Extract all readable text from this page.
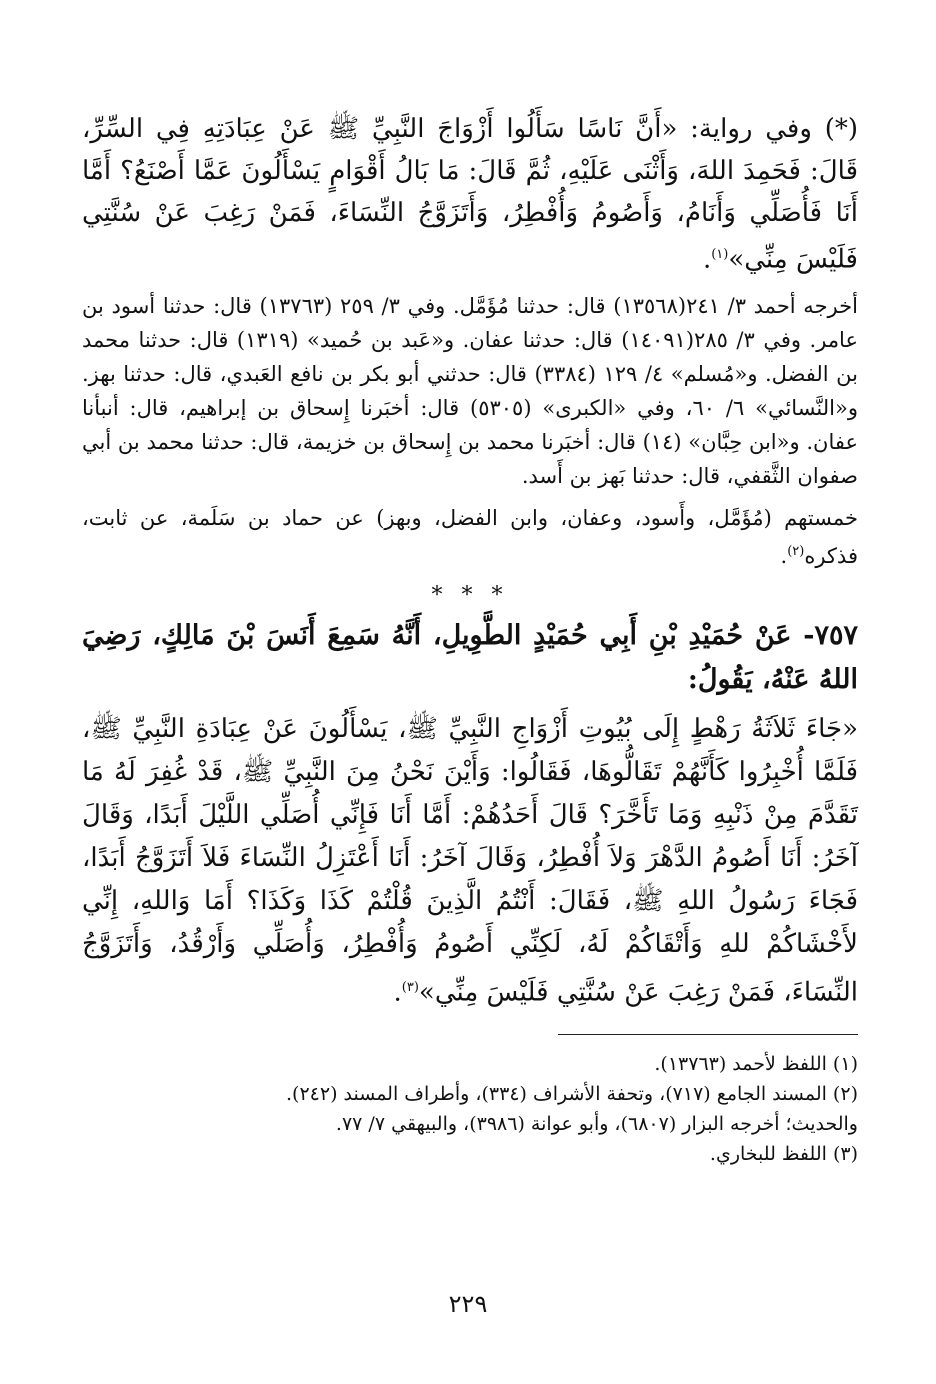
(*) وفي رواية: «أَنَّ نَاسًا سَأَلُوا أَزْوَاجَ النَّبِيِّ ﷺ عَنْ عِبَادَتِهِ فِي السِّرِّ، قَالَ: فَحَمِدَ اللهَ، وَأَثْنَى عَلَيْهِ، ثُمَّ قَالَ: مَا بَالُ أَقْوَامٍ يَسْأَلُونَ عَمَّا أَصْنَعُ؟ أَمَّا أَنَا فَأُصَلِّي وَأَنَامُ، وَأَصُومُ وَأُفْطِرُ، وَأَتَزَوَّجُ النِّسَاءَ، فَمَنْ رَغِبَ عَنْ سُنَّتِي فَلَيْسَ مِنِّي»$^{(١)}$.

أخرجه أحمد ٣/ ٢٤١(١٣٥٦٨) قال: حدثنا مُؤَمَّل. وفي ٣/ ٢٥٩ (١٣٧٦٣) قال: حدثنا أسود بن عامر. وفي ٣/ ٢٨٥(١٤٠٩١) قال: حدثنا عفان. و«عَبد بن حُميد» (١٣١٩) قال: حدثنا محمد بن الفضل. و«مُسلم» ٤/ ١٢٩ (٣٣٨٤) قال: حدثني أبو بكر بن نافع العَبدي، قال: حدثنا بهز. و«النَّسائي» ٦/ ٦٠، وفي «الكبرى» (٥٣٠٥) قال: أخبَرنا إِسحاق بن إبراهيم، قال: أنبأنا عفان. و«ابن حِبَّان» (١٤) قال: أخبَرنا محمد بن إِسحاق بن خزيمة، قال: حدثنا محمد بن أبي صفوان الثَّقفي، قال: حدثنا بَهز بن أَسد.

خمستهم (مُؤَمَّل، وأَسود، وعفان، وابن الفضل، وبهز) عن حماد بن سَلَمة، عن ثابت، فذكره$^{(٢)}$.

* * *

٧٥٧- عَنْ حُمَيْدِ بْنِ أَبِي حُمَيْدٍ الطَّوِيلِ، أَنَّهُ سَمِعَ أَنَسَ بْنَ مَالِكٍ، رَضِيَ اللهُ عَنْهُ، يَقُولُ:

«جَاءَ ثَلاَثَةُ رَهْطٍ إِلَى بُيُوتِ أَزْوَاجِ النَّبِيِّ ﷺ، يَسْأَلُونَ عَنْ عِبَادَةِ النَّبِيِّ ﷺ، فَلَمَّا أُخْبِرُوا كَأَنَّهُمْ تَقَالُّوهَا، فَقَالُوا: وَأَيْنَ نَحْنُ مِنَ النَّبِيِّ ﷺ، قَدْ غُفِرَ لَهُ مَا تَقَدَّمَ مِنْ ذَنْبِهِ وَمَا تَأَخَّرَ؟ قَالَ أَحَدُهُمْ: أَمَّا أَنَا فَإِنِّي أُصَلِّي اللَّيْلَ أَبَدًا، وَقَالَ آخَرُ: أَنَا أَصُومُ الدَّهْرَ وَلاَ أُفْطِرُ، وَقَالَ آخَرُ: أَنَا أَعْتَزِلُ النِّسَاءَ فَلاَ أَتَزَوَّجُ أَبَدًا، فَجَاءَ رَسُولُ اللهِ ﷺ، فَقَالَ: أَنْتُمُ الَّذِينَ قُلْتُمْ كَذَا وَكَذَا؟ أَمَا وَاللهِ، إِنِّي لأَخْشَاكُمْ للهِ وَأَتْقَاكُمْ لَهُ، لَكِنِّي أَصُومُ وَأُفْطِرُ، وَأُصَلِّي وَأَرْقُدُ، وَأَتَزَوَّجُ النِّسَاءَ، فَمَنْ رَغِبَ عَنْ سُنَّتِي فَلَيْسَ مِنِّي»$^{(٣)}$.

(١) اللفظ لأحمد (١٣٧٦٣).
(٢) المسند الجامع (٧١٧)، وتحفة الأشراف (٣٣٤)، وأطراف المسند (٢٤٢).
والحديث؛ أخرجه البزار (٦٨٠٧)، وأبو عوانة (٣٩٨٦)، والبيهقي ٧/ ٧٧.
(٣) اللفظ للبخاري.
٢٢٩
